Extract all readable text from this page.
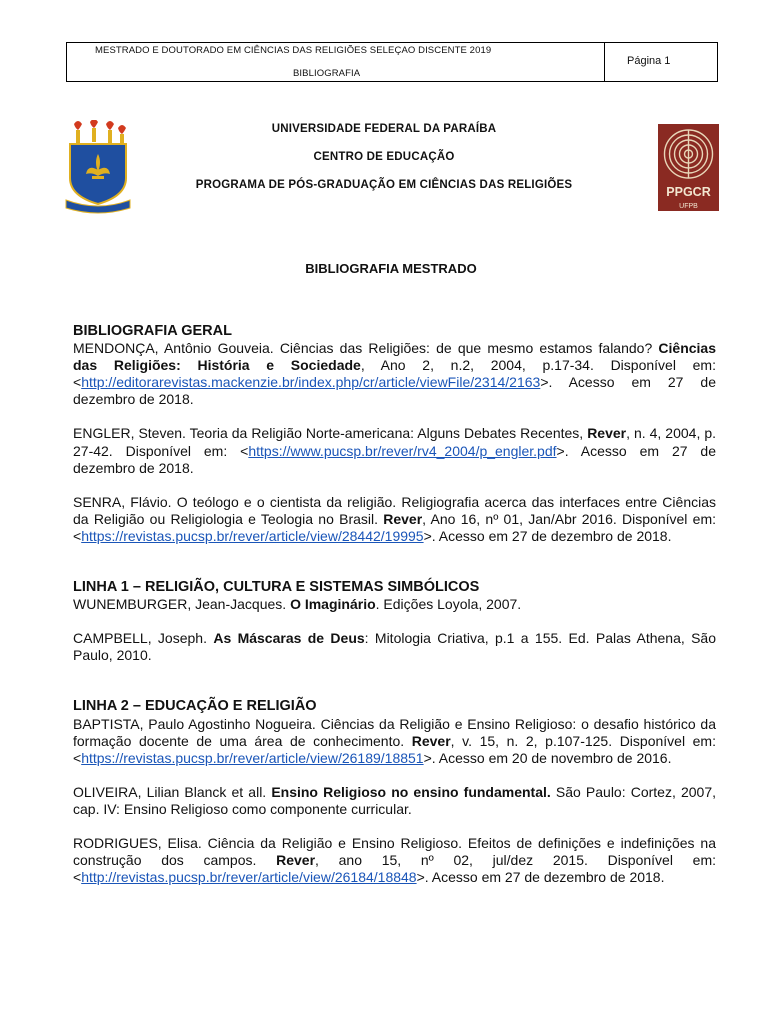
MESTRADO E DOUTORADO EM CIÊNCIAS DAS RELIGIÕES SELEÇAO DISCENTE 2019
BIBLIOGRAFIA
Página 1
UNIVERSIDADE FEDERAL DA PARAÍBA
CENTRO DE EDUCAÇÃO
PROGRAMA DE PÓS-GRADUAÇÃO EM CIÊNCIAS DAS RELIGIÕES	PPGCR
UFPB
BIBLIOGRAFIA MESTRADO
BIBLIOGRAFIA GERAL

MENDONÇA, Antônio Gouveia. Ciências das Religiões: de que mesmo estamos falando? Ciências das Religiões: História e Sociedade, Ano 2, n.2, 2004, p.17-34. Disponível em: <http://editorarevistas.mackenzie.br/index.php/cr/article/viewFile/2314/2163>. Acesso em 27 de dezembro de 2018.

ENGLER, Steven. Teoria da Religião Norte-americana: Alguns Debates Recentes, Rever, n. 4, 2004, p. 27-42. Disponível em: <https://www.pucsp.br/rever/rv4_2004/p_engler.pdf>. Acesso em 27 de dezembro de 2018.

SENRA, Flávio. O teólogo e o cientista da religião. Religiografia acerca das interfaces entre Ciências da Religião ou Religiologia e Teologia no Brasil. Rever, Ano 16, nº 01, Jan/Abr 2016. Disponível em: <https://revistas.pucsp.br/rever/article/view/28442/19995>. Acesso em 27 de dezembro de 2018.

LINHA 1 – RELIGIÃO, CULTURA E SISTEMAS SIMBÓLICOS

WUNEMBURGER, Jean-Jacques. O Imaginário. Edições Loyola, 2007.

CAMPBELL, Joseph. As Máscaras de Deus: Mitologia Criativa, p.1 a 155. Ed. Palas Athena, São Paulo, 2010.

LINHA 2 – EDUCAÇÃO E RELIGIÃO

BAPTISTA, Paulo Agostinho Nogueira. Ciências da Religião e Ensino Religioso: o desafio histórico da formação docente de uma área de conhecimento. Rever, v. 15, n. 2, p.107-125. Disponível em: <https://revistas.pucsp.br/rever/article/view/26189/18851>. Acesso em 20 de novembro de 2016.

OLIVEIRA, Lilian Blanck et all. Ensino Religioso no ensino fundamental. São Paulo: Cortez, 2007, cap. IV: Ensino Religioso como componente curricular.

RODRIGUES, Elisa. Ciência da Religião e Ensino Religioso. Efeitos de definições e indefinições na construção dos campos. Rever, ano 15, nº 02, jul/dez 2015. Disponível em: <http://revistas.pucsp.br/rever/article/view/26184/18848>. Acesso em 27 de dezembro de 2018.
